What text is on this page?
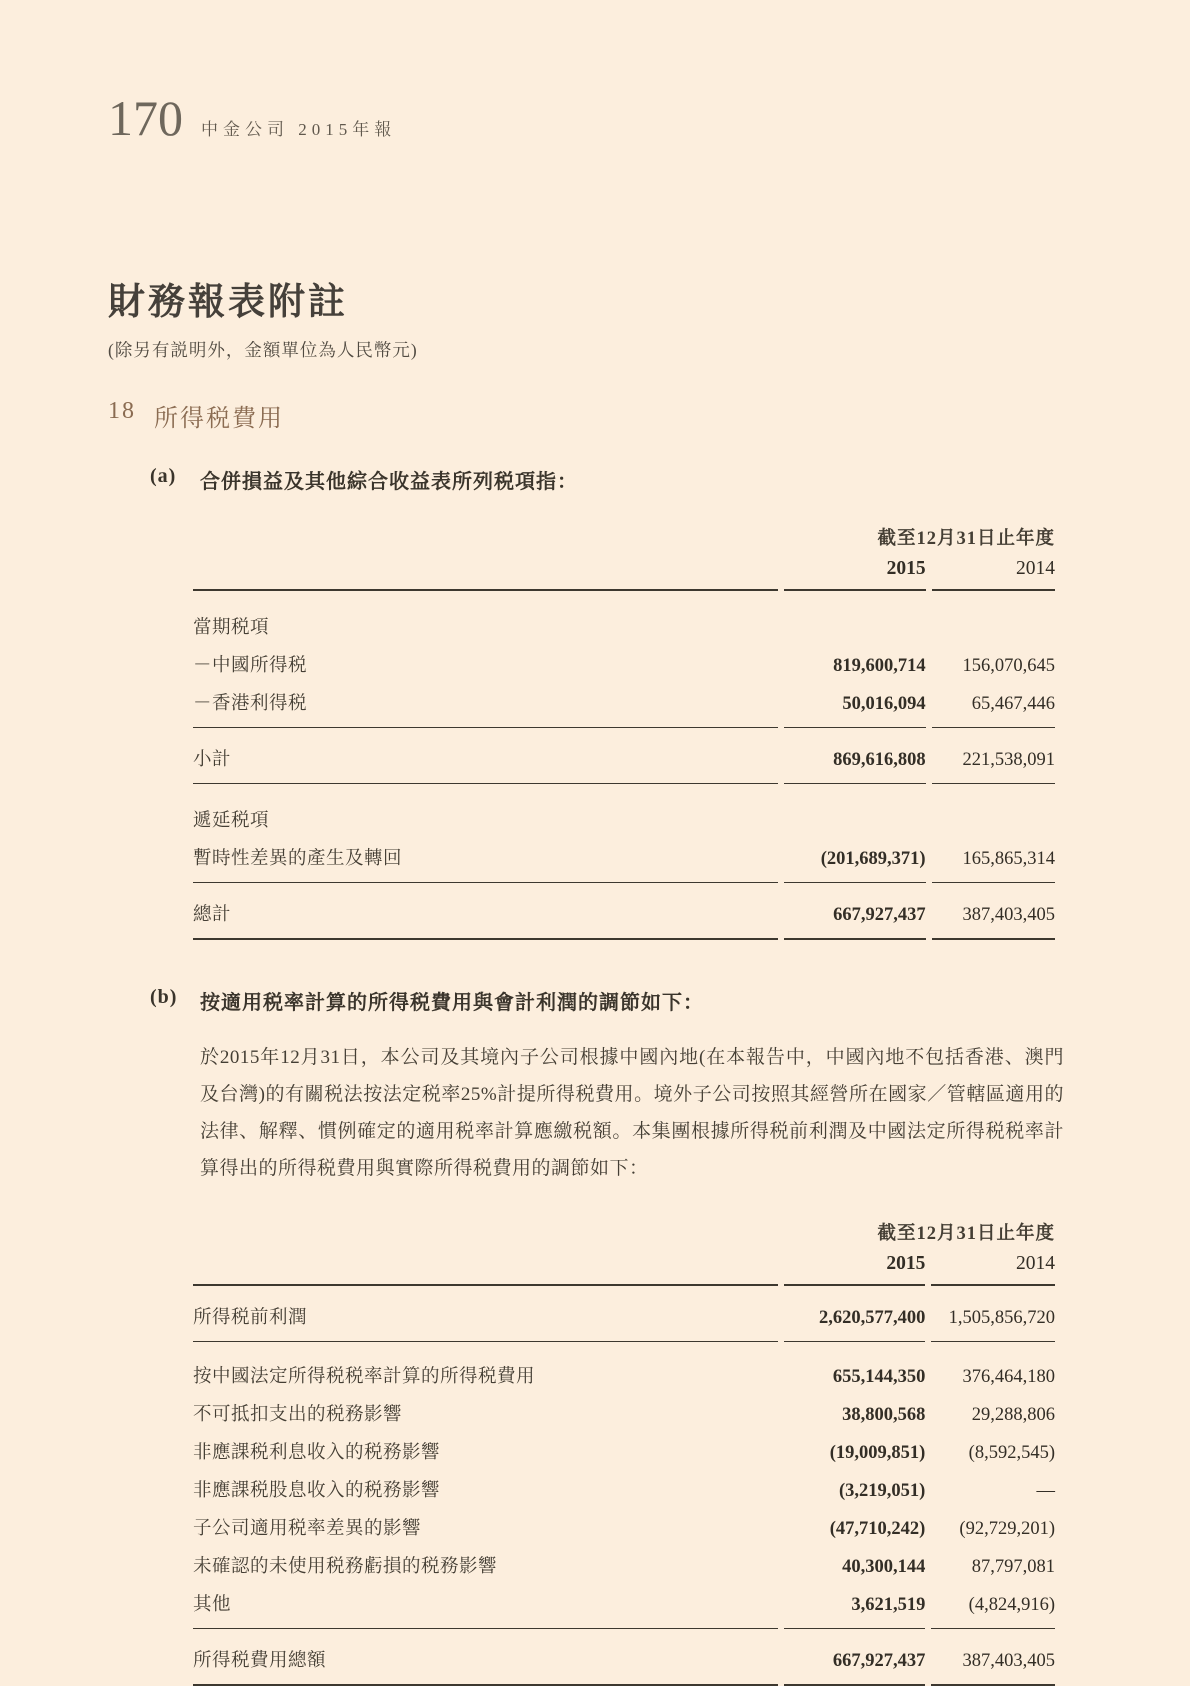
170 中金公司 2015年報
財務報表附註
(除另有説明外，金額單位為人民幣元)
18 所得税費用
(a)	合併損益及其他綜合收益表所列税項指：
	截至12月31日止年度	
	2015	2014
當期税項		
－中國所得税	819,600,714	156,070,645
－香港利得税	50,016,094	65,467,446
小計	869,616,808	221,538,091
遞延税項		
暫時性差異的產生及轉回	(201,689,371)	165,865,314
總計	667,927,437	387,403,405
(b)	按適用税率計算的所得税費用與會計利潤的調節如下：

於2015年12月31日，本公司及其境內子公司根據中國內地(在本報告中，中國內地不包括香港、澳門及台灣)的有關税法按法定税率25%計提所得税費用。境外子公司按照其經營所在國家／管轄區適用的法律、解釋、慣例確定的適用税率計算應繳税額。本集團根據所得税前利潤及中國法定所得税税率計算得出的所得税費用與實際所得税費用的調節如下：

	截至12月31日止年度	
	2015	2014
所得税前利潤	2,620,577,400	1,505,856,720
按中國法定所得税税率計算的所得税費用	655,144,350	376,464,180
不可抵扣支出的税務影響	38,800,568	29,288,806
非應課税利息收入的税務影響	(19,009,851)	(8,592,545)
非應課税股息收入的税務影響	(3,219,051)	—
子公司適用税率差異的影響	(47,710,242)	(92,729,201)
未確認的未使用税務虧損的税務影響	40,300,144	87,797,081
其他	3,621,519	(4,824,916)
所得税費用總額	667,927,437	387,403,405
